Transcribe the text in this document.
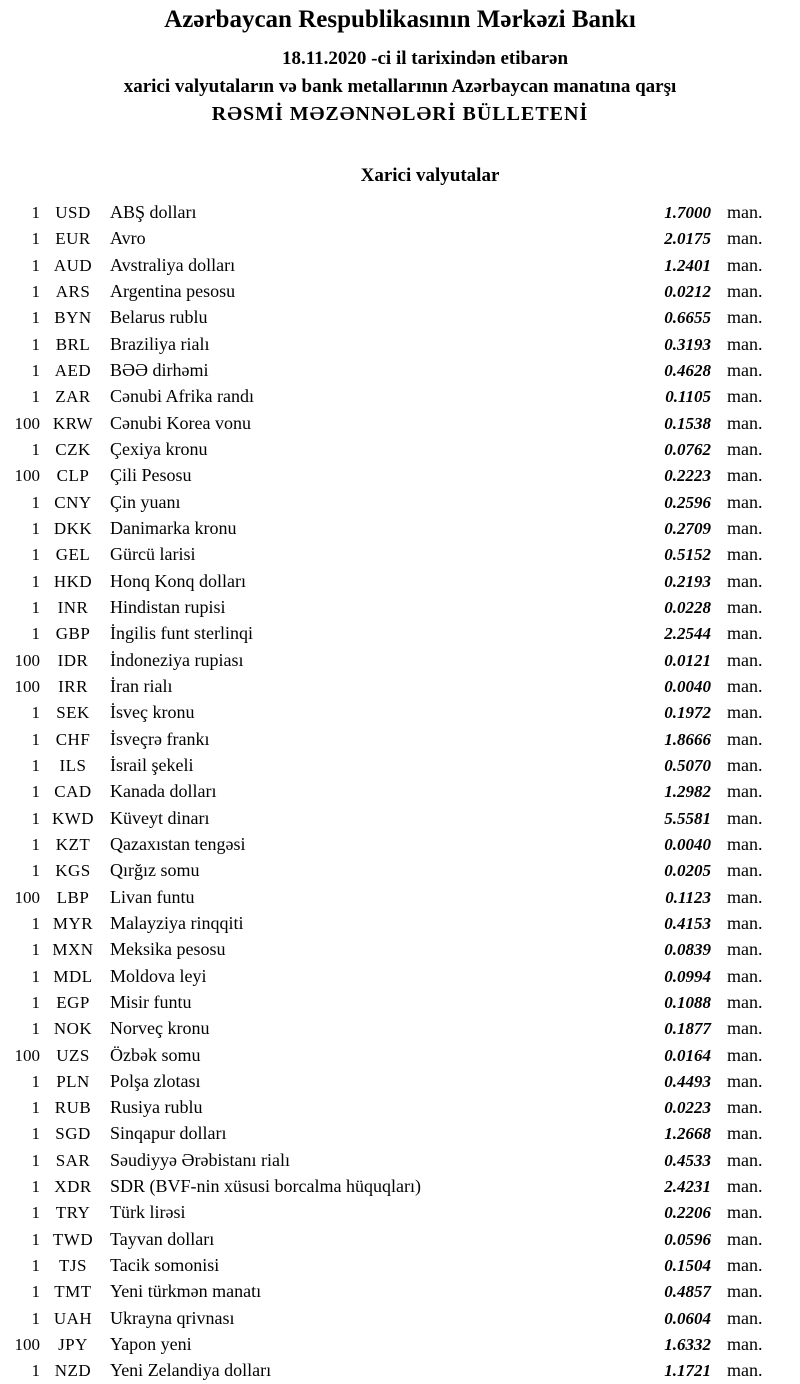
Azərbaycan Respublikasının Mərkəzi Bankı
18.11.2020 -ci il tarixindən etibarən
xarici valyutaların və bank metallarının Azərbaycan manatına qarşı
RƏSMİ MƏZƏNNƏLƏRİ BÜLLETENİ
Xarici valyutalar
1 USD	ABŞ dolları	1.7000 man.
1 EUR	Avro	2.0175 man.
1 AUD Avstraliya dolları	1.2401 man.
1 ARS	Argentina pesosu	0.0212 man.
1 BYN	Belarus rublu	0.6655 man.
1 BRL	Braziliya rialı	0.3193 man.
1 AED	BƏƏ dirhəmi	0.4628 man.
1 ZAR	Cənubi Afrika randı	0.1105 man.
100 KRW Cənubi Korea vonu	0.1538 man.
1 CZK	Çexiya kronu	0.0762 man.
100 CLP	Çili Pesosu	0.2223 man.
1 CNY	Çin yuanı	0.2596 man.
1 DKK Danimarka kronu	0.2709 man.
1 GEL	Gürcü larisi	0.5152 man.
1 HKD Honq Konq dolları	0.2193 man.
1	INR	Hindistan rupisi	0.0228 man.
1 GBP	İngilis funt sterlinqi	2.2544 man.
100	IDR	İndoneziya rupiası	0.0121 man.
100	IRR	İran rialı	0.0040 man.
1 SEK	İsveç kronu	0.1972 man.
1 CHF	İsveçrə frankı	1.8666 man.
1	ILS	İsrail şekeli	0.5070 man.
1 CAD	Kanada dolları	1.2982 man.
1 KWD Küveyt dinarı	5.5581 man.
1 KZT	Qazaxıstan tengəsi	0.0040 man.
1 KGS	Qırğız somu	0.0205 man.
100 LBP	Livan funtu	0.1123 man.
1 MYR Malayziya rinqqiti	0.4153 man.
1 MXN Meksika pesosu	0.0839 man.
1 MDL Moldova leyi	0.0994 man.
1 EGP	Misir funtu	0.1088 man.
1 NOK Norveç kronu	0.1877 man.
100 UZS	Özbək somu	0.0164 man.
1 PLN	Polşa zlotası	0.4493 man.
1 RUB	Rusiya rublu	0.0223 man.
1 SGD	Sinqapur dolları	1.2668 man.
1 SAR	Səudiyyə Ərəbistanı rialı	0.4533 man.
1 XDR	SDR (BVF-nin xüsusi borcalma hüquqları)	2.4231 man.
1 TRY	Türk lirəsi	0.2206 man.
1 TWD Tayvan dolları	0.0596 man.
1	TJS	Tacik somonisi	0.1504 man.
1 TMT	Yeni türkmən manatı	0.4857 man.
1 UAH Ukrayna qrivnası	0.0604 man.
100	JPY	Yapon yeni	1.6332 man.
1 NZD	Yeni Zelandiya dolları	1.1721 man.
